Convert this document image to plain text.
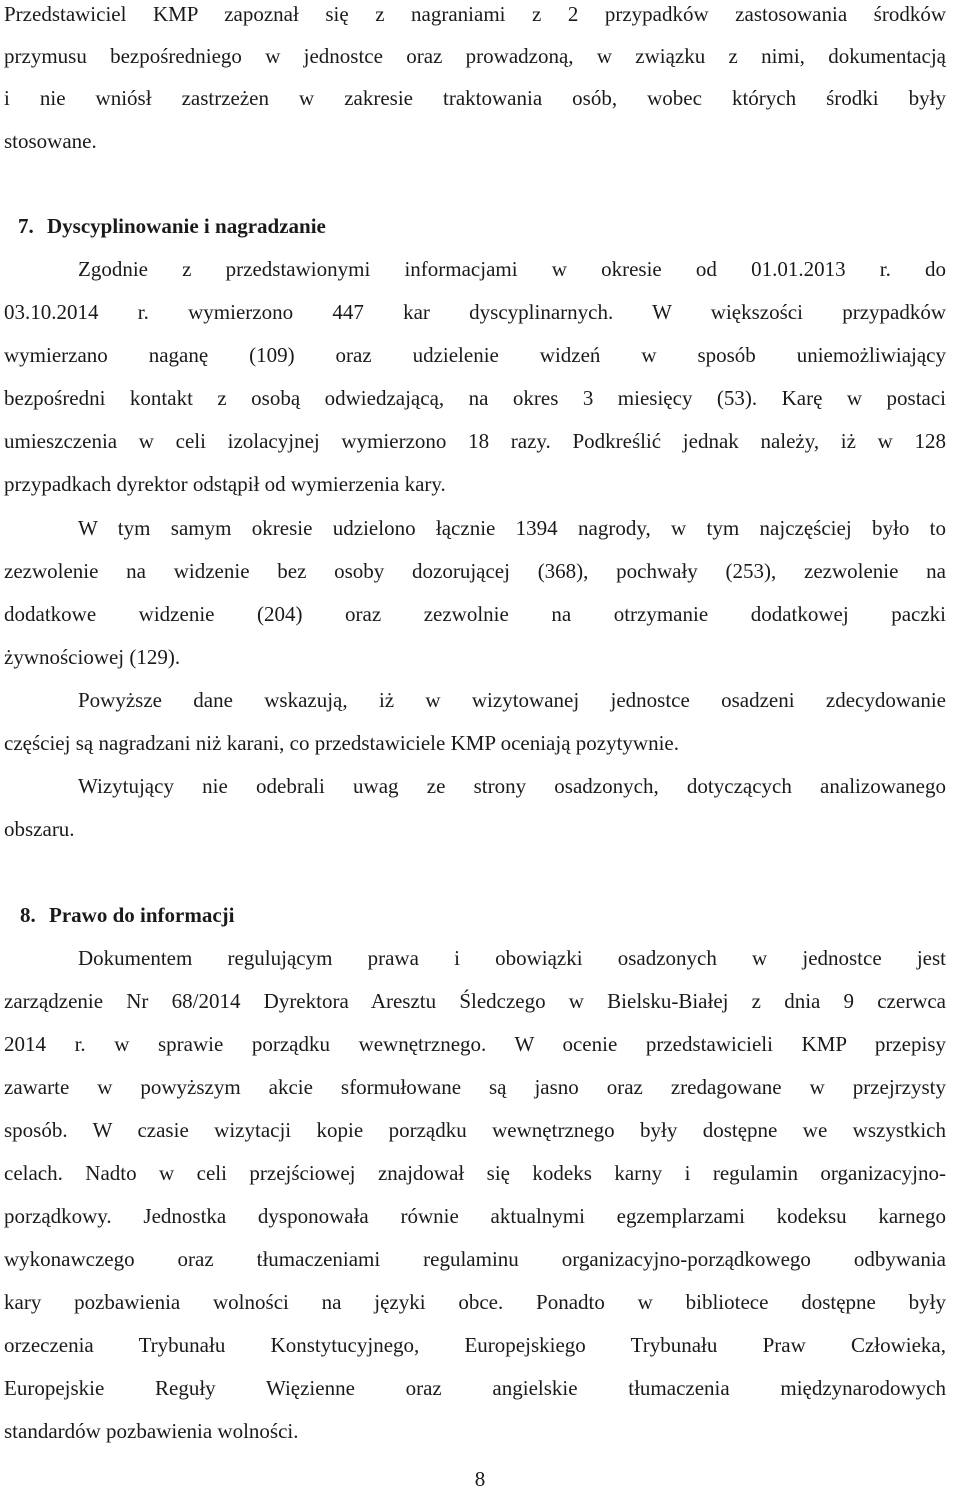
Przedstawiciel KMP zapoznał się z nagraniami z 2 przypadków zastosowania środków
przymusu bezpośredniego w jednostce oraz prowadzoną, w związku z nimi, dokumentacją
i nie wniósł zastrzeżen w zakresie traktowania osób, wobec których środki były
stosowane.
7. Dyscyplinowanie i nagradzanie
Zgodnie z przedstawionymi informacjami w okresie od 01.01.2013 r. do
03.10.2014 r. wymierzono 447 kar dyscyplinarnych. W większości przypadków
wymierzano naganę (109) oraz udzielenie widzeń w sposób uniemożliwiający
bezpośredni kontakt z osobą odwiedzającą, na okres 3 miesięcy (53). Karę w postaci
umieszczenia w celi izolacyjnej wymierzono 18 razy. Podkreślić jednak należy, iż w 128
przypadkach dyrektor odstąpił od wymierzenia kary.
W tym samym okresie udzielono łącznie 1394 nagrody, w tym najczęściej było to
zezwolenie na widzenie bez osoby dozorującej (368), pochwały (253), zezwolenie na
dodatkowe widzenie (204) oraz zezwolnie na otrzymanie dodatkowej paczki
żywnościowej (129).
Powyższe dane wskazują, iż w wizytowanej jednostce osadzeni zdecydowanie
częściej są nagradzani niż karani, co przedstawiciele KMP oceniają pozytywnie.
Wizytujący nie odebrali uwag ze strony osadzonych, dotyczących analizowanego
obszaru.
8. Prawo do informacji
Dokumentem regulującym prawa i obowiązki osadzonych w jednostce jest
zarządzenie Nr 68/2014 Dyrektora Aresztu Śledczego w Bielsku-Białej z dnia 9 czerwca
2014 r. w sprawie porządku wewnętrznego. W ocenie przedstawicieli KMP przepisy
zawarte w powyższym akcie sformułowane są jasno oraz zredagowane w przejrzysty
sposób. W czasie wizytacji kopie porządku wewnętrznego były dostępne we wszystkich
celach. Nadto w celi przejściowej znajdował się kodeks karny i regulamin organizacyjno-
porządkowy. Jednostka dysponowała równie aktualnymi egzemplarzami kodeksu karnego
wykonawczego oraz tłumaczeniami regulaminu organizacyjno-porządkowego odbywania
kary pozbawienia wolności na języki obce. Ponadto w bibliotece dostępne były
orzeczenia Trybunału Konstytucyjnego, Europejskiego Trybunału Praw Człowieka,
Europejskie Reguły Więzienne oraz angielskie tłumaczenia międzynarodowych
standardów pozbawienia wolności.
8
